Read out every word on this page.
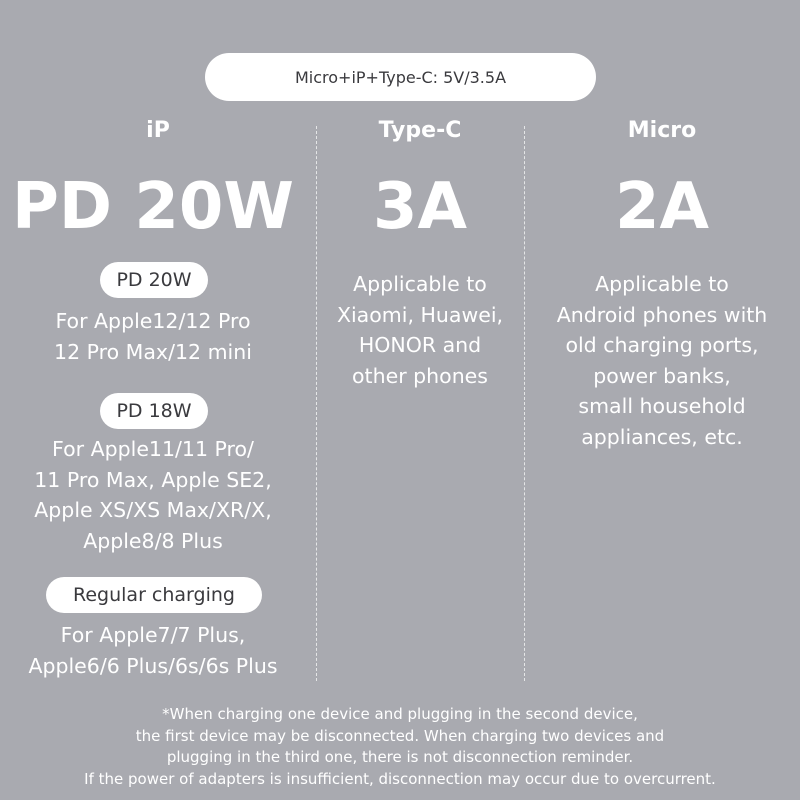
Micro+iP+Type-C: 5V/3.5A
iP
PD 20W
PD 20W
For Apple12/12 Pro
12 Pro Max/12 mini
PD 18W
For Apple11/11 Pro/
11 Pro Max, Apple SE2,
Apple XS/XS Max/XR/X,
Apple8/8 Plus
Regular charging
For Apple7/7 Plus,
Apple6/6 Plus/6s/6s Plus
Type-C
3A
Applicable to
Xiaomi, Huawei,
HONOR and
other phones
Micro
2A
Applicable to
Android phones with
old charging ports,
power banks,
small household
appliances, etc.
*When charging one device and plugging in the second device,
the first device may be disconnected. When charging two devices and
plugging in the third one, there is not disconnection reminder.
If the power of adapters is insufficient, disconnection may occur due to overcurrent.
